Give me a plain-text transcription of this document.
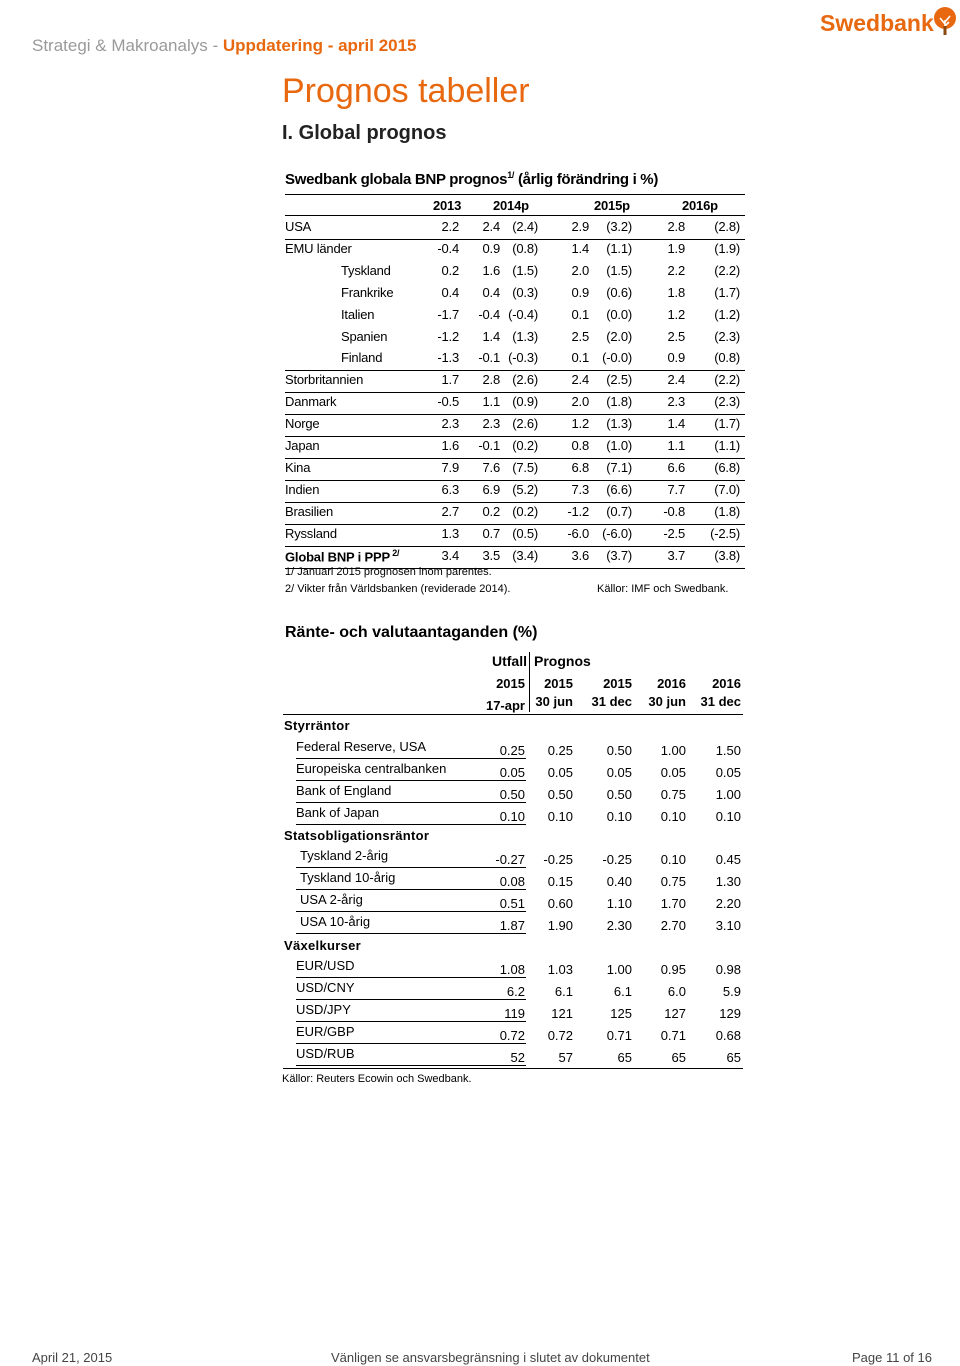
Strategi & Makroanalys - Uppdatering - april 2015
Swedbank
Prognos tabeller
I. Global prognos
Swedbank globala BNP prognos$^{1/}$ (årlig förändring i %)
2013 2014p	2015p	2016p
USA	2.2	2.4 (2.4)	2.9	(3.2)	2.8	(2.8)
EMU länder	-0.4	0.9 (0.8)	1.4	(1.1)	1.9	(1.9)
Tyskland	0.2	1.6 (1.5)	2.0	(1.5)	2.2	(2.2)
Frankrike	0.4	0.4 (0.3)	0.9	(0.6)	1.8	(1.7)
Italien	-1.7	-0.4 (-0.4)	0.1	(0.0)	1.2	(1.2)
Spanien	-1.2	1.4 (1.3)	2.5	(2.0)	2.5	(2.3)
Finland	-1.3	-0.1 (-0.3)	0.1	(-0.0)	0.9	(0.8)
Storbritannien	1.7	2.8 (2.6)	2.4	(2.5)	2.4	(2.2)
Danmark	-0.5	1.1 (0.9)	2.0	(1.8)	2.3	(2.3)
Norge	2.3	2.3 (2.6)	1.2	(1.3)	1.4	(1.7)
Japan	1.6	-0.1 (0.2)	0.8	(1.0)	1.1	(1.1)
Kina	7.9	7.6 (7.5)	6.8	(7.1)	6.6	(6.8)
Indien	6.3	6.9 (5.2)	7.3	(6.6)	7.7	(7.0)
Brasilien	2.7	0.2 (0.2)	-1.2	(0.7)	-0.8	(1.8)
Ryssland	1.3	0.7 (0.5)	-6.0	(-6.0)	-2.5	(-2.5)
Global BNP i PPP $^{2/}$	3.4	3.5 (3.4)	3.6	(3.7)	3.7	(3.8)
1/ Januari 2015 prognosen inom parentes.
2/ Vikter från Världsbanken (reviderade 2014).	Källor: IMF och Swedbank.
Ränte- och valutaantaganden (%)
Utfall Prognos
2015	2015	2015	2016	2016
17-apr 30 jun	31 dec	30 jun	31 dec
Styrräntor
Federal Reserve, USA	0.25	0.25	0.50	1.00	1.50
Europeiska centralbanken	0.05	0.05	0.05	0.05	0.05
Bank of England	0.50	0.50	0.50	0.75	1.00
Bank of Japan	0.10	0.10	0.10	0.10	0.10
Statsobligationsräntor
Tyskland 2-årig	-0.27	-0.25	-0.25	0.10	0.45
Tyskland 10-årig	0.08	0.15	0.40	0.75	1.30
USA 2-årig	0.51	0.60	1.10	1.70	2.20
USA 10-årig	1.87	1.90	2.30	2.70	3.10
Växelkurser
EUR/USD	1.08	1.03	1.00	0.95	0.98
USD/CNY	6.2	6.1	6.1	6.0	5.9
USD/JPY	119	121	125	127	129
EUR/GBP	0.72	0.72	0.71	0.71	0.68
USD/RUB	52	57	65	65	65
Källor: Reuters Ecowin och Swedbank.
April 21, 2015	Vänligen se ansvarsbegränsning i slutet av dokumentet	Page 11 of 16
